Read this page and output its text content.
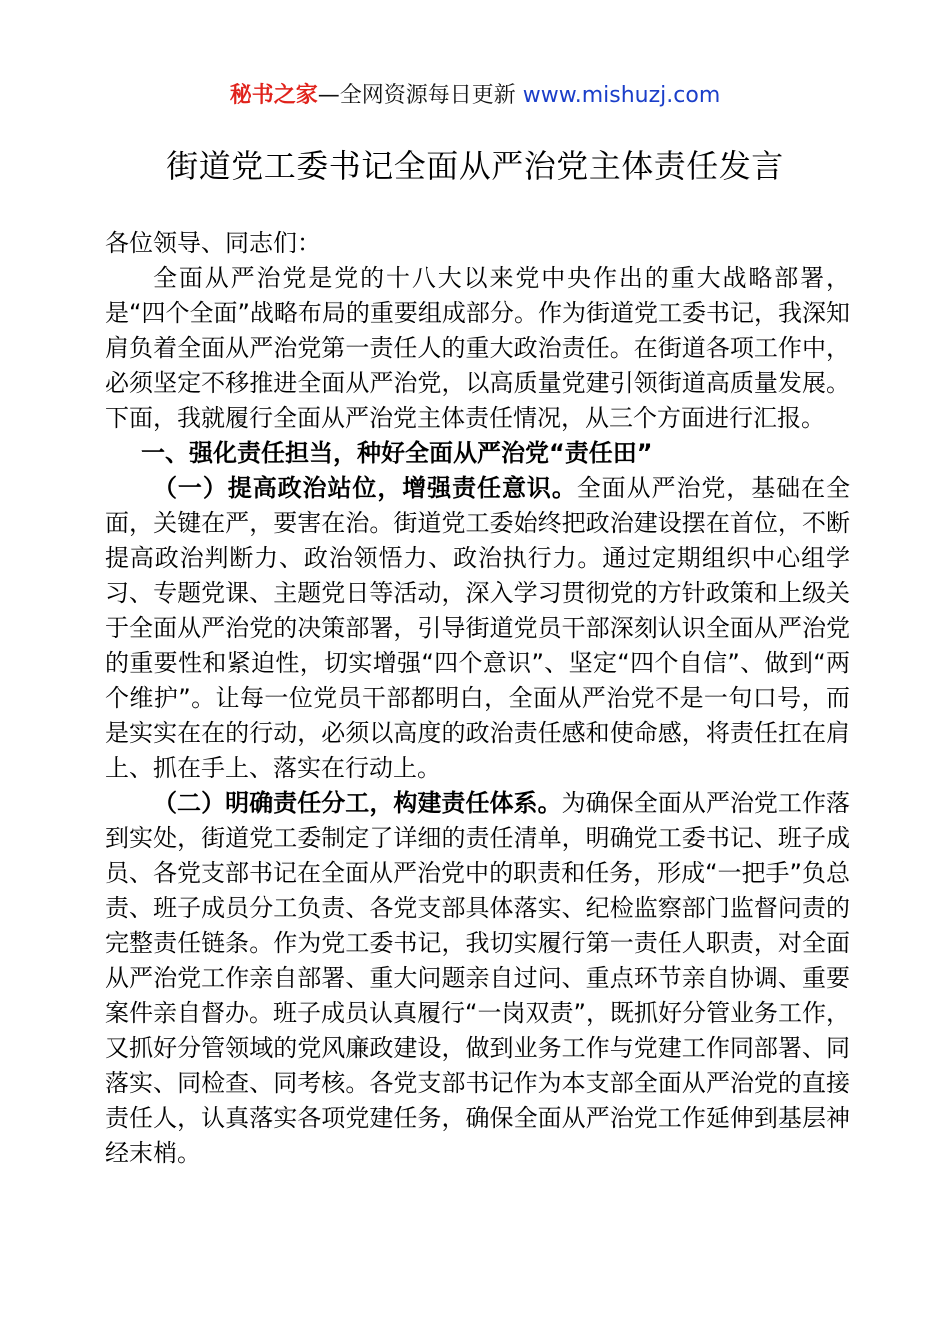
秘书之家—全网资源每日更新 www.mishuzj.com
街道党工委书记全面从严治党主体责任发言

各位领导、同志们：

全面从严治党是党的十八大以来党中央作出的重大战略部署，是“四个全面”战略布局的重要组成部分。作为街道党工委书记，我深知肩负着全面从严治党第一责任人的重大政治责任。在街道各项工作中，必须坚定不移推进全面从严治党，以高质量党建引领街道高质量发展。下面，我就履行全面从严治党主体责任情况，从三个方面进行汇报。

一、强化责任担当，种好全面从严治党“责任田”

（一）提高政治站位，增强责任意识。全面从严治党，基础在全面，关键在严，要害在治。街道党工委始终把政治建设摆在首位，不断提高政治判断力、政治领悟力、政治执行力。通过定期组织中心组学习、专题党课、主题党日等活动，深入学习贯彻党的方针政策和上级关于全面从严治党的决策部署，引导街道党员干部深刻认识全面从严治党的重要性和紧迫性，切实增强“四个意识”、坚定“四个自信”、做到“两个维护”。让每一位党员干部都明白，全面从严治党不是一句口号，而是实实在在的行动，必须以高度的政治责任感和使命感，将责任扛在肩上、抓在手上、落实在行动上。

（二）明确责任分工，构建责任体系。为确保全面从严治党工作落到实处，街道党工委制定了详细的责任清单，明确党工委书记、班子成员、各党支部书记在全面从严治党中的职责和任务，形成“一把手”负总责、班子成员分工负责、各党支部具体落实、纪检监察部门监督问责的完整责任链条。作为党工委书记，我切实履行第一责任人职责，对全面从严治党工作亲自部署、重大问题亲自过问、重点环节亲自协调、重要案件亲自督办。班子成员认真履行“一岗双责”，既抓好分管业务工作，又抓好分管领域的党风廉政建设，做到业务工作与党建工作同部署、同落实、同检查、同考核。各党支部书记作为本支部全面从严治党的直接责任人，认真落实各项党建任务，确保全面从严治党工作延伸到基层神经末梢。
